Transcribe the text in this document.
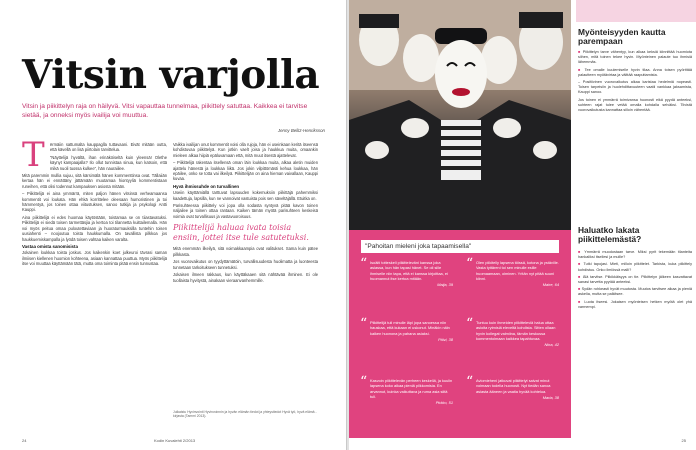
Vitsin varjolla
Vitsin ja piikittelyn raja on häilyvä. Vitsi vapauttaa tunnelmaa, piikittely satuttaa. Kaikkea ei tarvitse sietää, ja onneksi myös ivailija voi muuttua.
Jenny Belitz-Henriksson
T	ёrmäiin sattumalta kauppaglla tuttavaani. Eivät mitään outta, että kävellä on lisä piirtolain tarvittelua.

“Näyttelijä hyvältä, ihan erinäköiseltä kuin yleensä! Olethe käynyt kampaajalla? Ilo ollut tunnistaa sinua, kun katsoin, että mikä nuoli tuossa kulkee”, hän nauraiilee.

Mitä paremmin mullia sujuu, sitä kärsimälä hänen kommenttinsa ovat. Tällaiiän kertaa hän ei ennättäny jättämään muutamaa hiontyyliä kommentistaan runeihen, että olisi todennut kampauksen asiosta mitään.

– Piikittelijä ei aina ymmärrä, miten paljon hänen vitsinsä verheamaansa kommentit voi loukata. Hän ehkä korrittelee oleesaan humoristinen ja toi hämmentyä, jos toinen ottaa viitustuksen, sanoo tutkija ja psykologi Antti Kauppi.

Aina piikittelijä ei edes huomaa käytöstään, toistamaa se on tiiastavatuksi. Piikittelijä ei siedä toisen tarmettäsjia ja kertoa toi tilannetta kuittailemalla. Hän voi myös peitua omaa puloutettaviaan ja huoraturmauksilla tuntehin toisen uusiahenti – noojoutua toista haukkumalla. On tavallista pilkkoa jos haukkuemiskampalla ja lyödä toisen vahtaa kaiken varalta.

Vastaa omista sanomisista

Jokainen loukkaa toista joskus. Jos kaikenkin koet julkeuroi tävrasi saman ilmiisen kiellenen huomion kohteena, asiaan kannattaa puuttua. Myös piikittelijä itse voi muuttaa käyttämään tätä, mutta oma toiminta pitää ensin tunnustaa.

Vaikka ivailijan onut kommentit voisi olla rujoja, hän ei useinkaan keritä itseensä kohdistuvaa piikittelyä. Kun jotkin vaelt joisa ja haukkua muita, omaankin mieleen alkaa hiipiä epäluvamaan että, mitä muut itsestä ajattelevat.

– Piikittelijä rakentaa itsellensä oman läin loukkaa muita, alkaa aletin muiden ajattelu hänestä ja loukkaa liikä. Jos jokin vilpittömästi kehua loukkaa, hän epäilee, onko se totta vai ilkeilyä. Piikittelijän on aina hieman vaivallaan, Kauppi kuvaa.

Hyvä ihmissuhde on turvallinen

Useiin käyttämiällä tarttuvat lapsuuden kokemuksiin piikittäjä pahemmiksi kaadettuja, lapsilla, kun ne vannoivat vastuista pois sen säveltäjällä. Etuitka on.

Parisuhteessa piikittely voi jopa olla sodasta syntyvä pitää kavon toinen naljailee ja toinen ottaa rantaan. Kaiken tämän myötä parisuhteen keskeisä voimia ovat turvallisuus ja vastavuoroisuus.

Piikittelijä haluaa ivata toisia ensiin, jottei itse tule satutetuksi.

Mitä enemmän ilkeilyä, sitä voimakkaampia ovat valitukset. Sama kuin pätee pilkkasta.

Jos vuorovaikutus on tyydyttämätöin, turvallisuudesta huolimatta ja luonteesta tunnetaan tarkoitukseen tunnetuksi.

Jokaisen ilmeen rakkaus, kun käyttäkaaen sitä nähtävää ihminen. Ei ole tuollaista hyvitystä, ainakaan vieraanvanhemmille.

Julkaistu Hyvinvointi Hyvinvoinnin ja hyvän elämän tiedot ja yhteystiedot Hyvä työ, hyvä elämä -kirjasta (Tammi 2013).
24	Kodin Kuvalehti 2/2013
"Pahoitan mieleni joka tapaamisella"
“ Isoäiti totteskeli piikitteleväni kanssa joka asiassa, kun hän tapasi hänet. Se oli sille ihmiselle niin tapa, että ei kanssa kirjoittaa, ei huomannut itse kertoa mitään.
Maija, 39
“ Olen piikitelly lapsena töissä, kotona ja ystäville. Vasta tyttäreni toi sen minulle esille huomaamaan, oiminen. Yritän nyt pitää suuni kiinni.
Maire, 64
“ Piikittelijä tuli minulle läpi jopa sanoessa niin hauskaa, että kukaan ei uskonut. Minäkin näin kaiken huonona ja pahana asiaksi.
Päivi, 38
“ Tuntuu kuin ihmeiden piikitteleviä halua ottaa asioita rytmisiä eleveltä kohdista. Sitten ollaan hyvin kollegat valmiina, tämän keskussa kommentoimaan kaikkea tapahtuvaa.
Nina, 42
“ Kasvoin piikittelevän perheen keskellä, ja kuulin lapsena koko aikaa pieniä pilkkomisia. En arvannut, kuinka vaikuttava ja ruma asia siitä tuli.
Pirkko, 51
“ Aviomieheni jatkuvat piikittelyt saivat minut voimaan todella huonosti. Nyt tiedän sanoa asiasta ääneen ja vaatia hyvää kohtelua.
Maria, 38
Myönteisyyden kautta parempaan

■ Piikittelyn tarve vähentyy, kun alkaa keksiä kiinnittää huomiota siihen, mitä toinen tekee hyvin. Myönteinen palaute tuo ihmisiä lähemmäs.

■ Tee omalle kuulemiselle hyvin tilaa. Anna toisen pyörittää palautteen myötävirtaa ja välttää raaputtamista.

– Positiivinen vuorovaikutus alkaa karistaa hedelmiä nopeasti. Toisen tarpeisiin ja huolehdittavuuteen vaatii vankkaa jaksamista, Kauppi sanoo.

Jos toinen ei ymmärrä toimivansa huonosti eikä pyydä anteeksi, suhteen rajat tulee vetää omalla kohdalla selväksi. Tiivistä vuorovaikutusta kannattaa silloin vähentää.

Haluatko lakata piikittelemästä?

■ Ymmärrä muodostaan tarve. Miksi pyrit tekemään tilanteita hankaliksi itsellesi ja muille?

■ Tutki tapojasi. Mieti, milloin piikittelet. Tarkista, kuka piikittely kohdistuu. Onko ilmiössä malli?

■ Älä tarvitse. Piikikkäisyys on tie. Piikittelyn jälkeen kasvattavat sanasi tarvetta pyytää anteeksi.

■ Sydän rohkeasti hyvät muutosta. Muutos tarvitsee aikaa ja pieniä askelia, mutta se palkitsee.

■ Luota itseesi. Jokaisen myönteisen hetken myötä olet yhä varmempi.

25
